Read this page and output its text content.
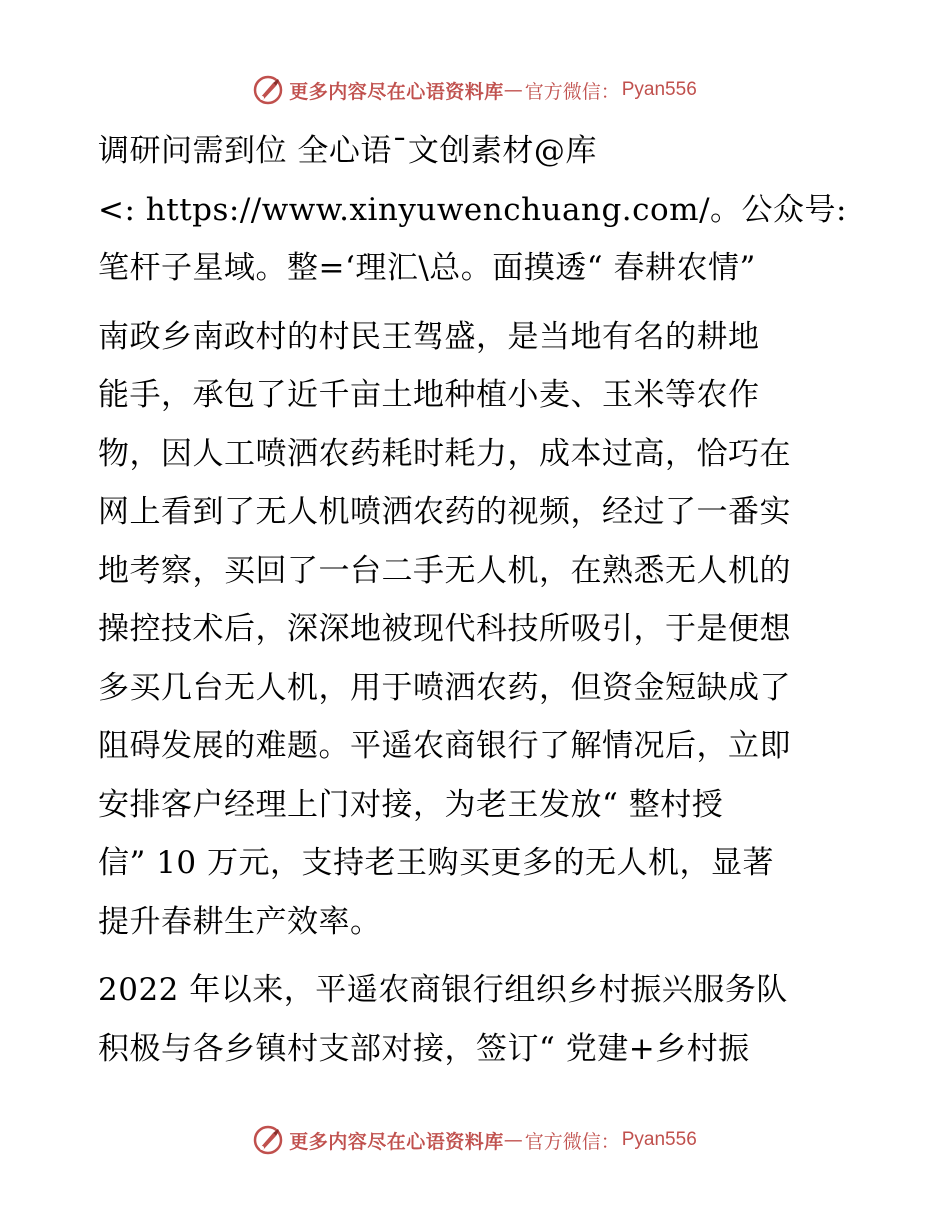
更多内容尽在心语资料库 — 官方微信： Pyan556

调研问需到位 全心语¯文创素材@库
<: https://www.xinyuwenchuang.com/。公众号:
笔杆子星域。整=‘理汇\总。面摸透“ 春耕农情”

南政乡南政村的村民王驾盛，是当地有名的耕地
能手，承包了近千亩土地种植小麦、玉米等农作
物，因人工喷洒农药耗时耗力，成本过高，恰巧在
网上看到了无人机喷洒农药的视频，经过了一番实
地考察，买回了一台二手无人机，在熟悉无人机的
操控技术后，深深地被现代科技所吸引，于是便想
多买几台无人机，用于喷洒农药，但资金短缺成了
阻碍发展的难题。平遥农商银行了解情况后，立即
安排客户经理上门对接，为老王发放“ 整村授
信” 10 万元，支持老王购买更多的无人机，显著
提升春耕生产效率。

2022 年以来，平遥农商银行组织乡村振兴服务队
积极与各乡镇村支部对接，签订“ 党建+乡村振

更多内容尽在心语资料库 — 官方微信： Pyan556
